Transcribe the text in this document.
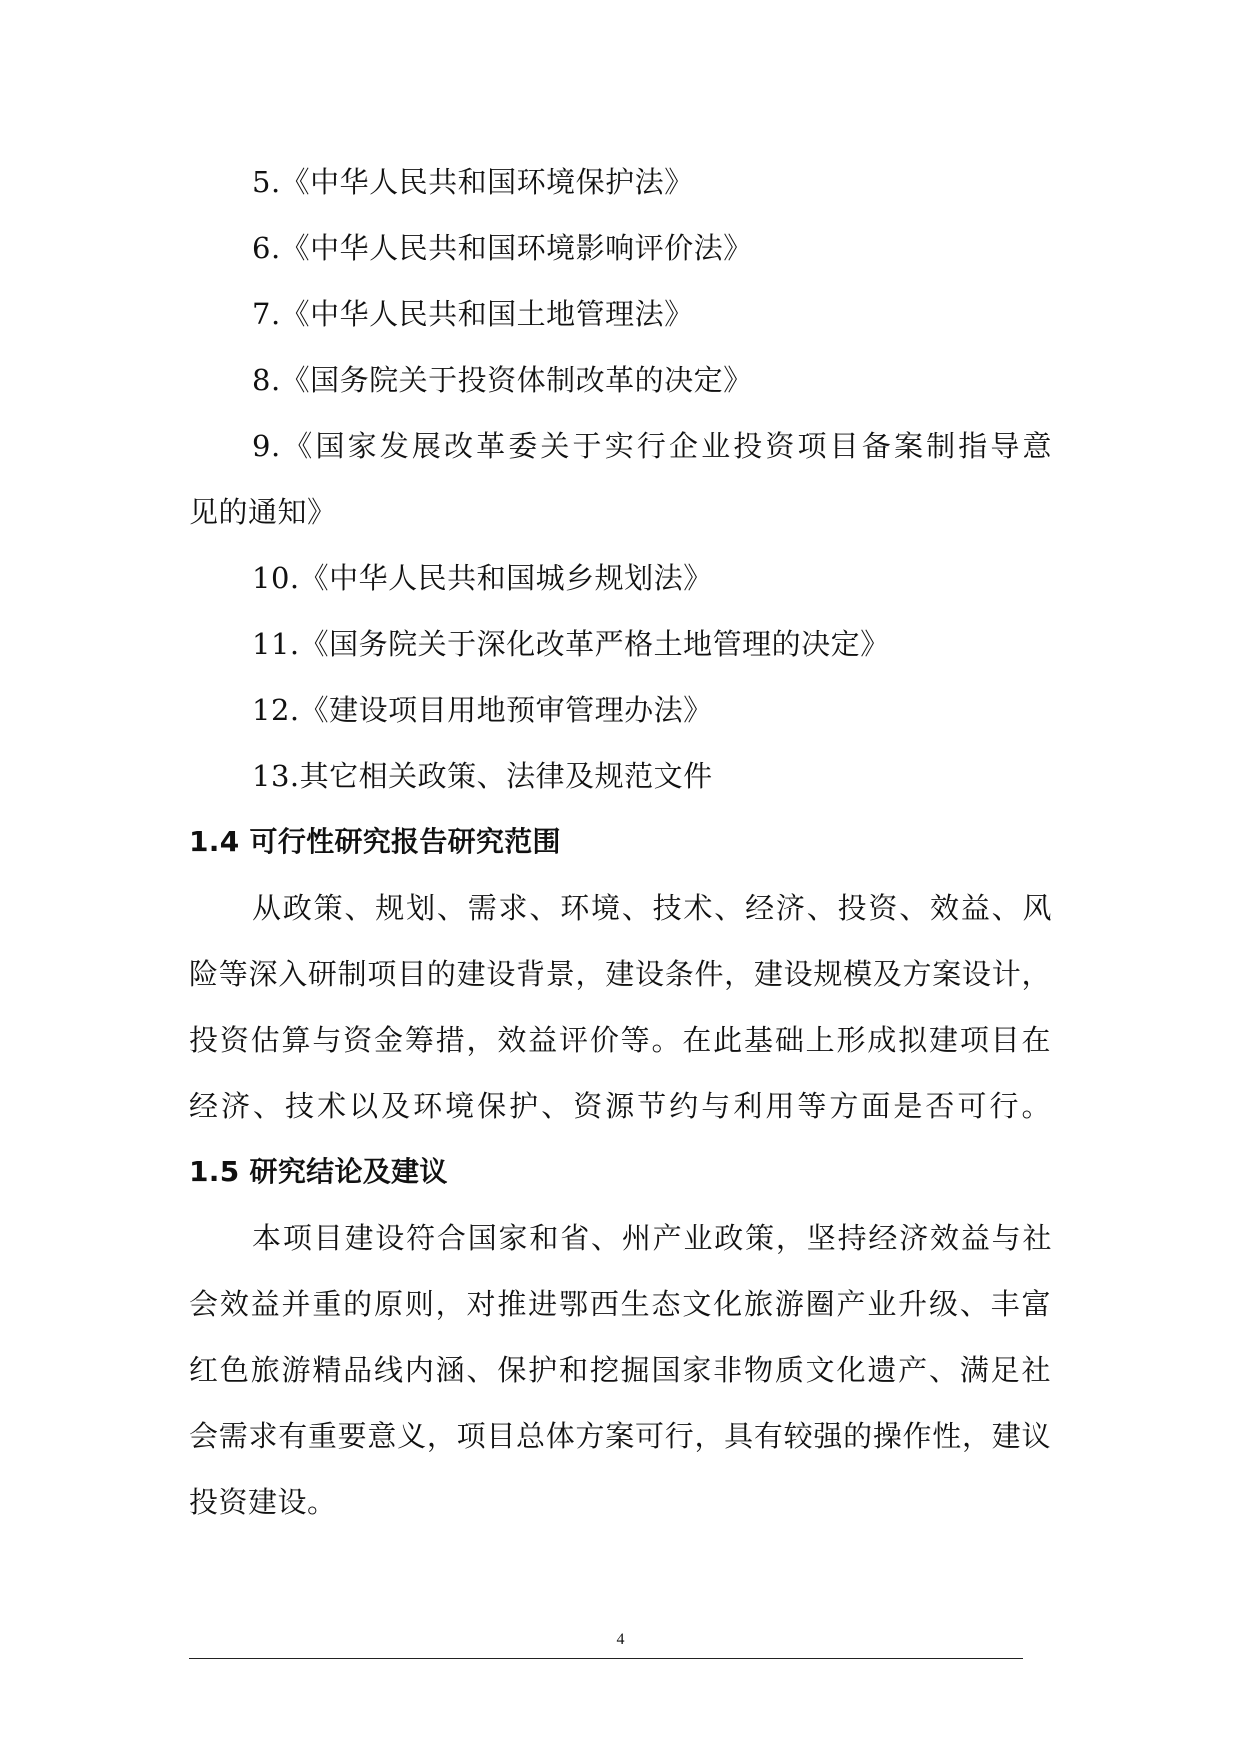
5.《中华人民共和国环境保护法》
6.《中华人民共和国环境影响评价法》
7.《中华人民共和国土地管理法》
8.《国务院关于投资体制改革的决定》
9.《国家发展改革委关于实行企业投资项目备案制指导意
见的通知》
10.《中华人民共和国城乡规划法》
11.《国务院关于深化改革严格土地管理的决定》
12.《建设项目用地预审管理办法》
13.其它相关政策、法律及规范文件
1.4 可行性研究报告研究范围
从政策、规划、需求、环境、技术、经济、投资、效益、风
险等深入研制项目的建设背景，建设条件，建设规模及方案设计，
投资估算与资金筹措，效益评价等。在此基础上形成拟建项目在
经济、技术以及环境保护、资源节约与利用等方面是否可行。
1.5 研究结论及建议
本项目建设符合国家和省、州产业政策，坚持经济效益与社
会效益并重的原则，对推进鄂西生态文化旅游圈产业升级、丰富
红色旅游精品线内涵、保护和挖掘国家非物质文化遗产、满足社
会需求有重要意义，项目总体方案可行，具有较强的操作性，建议
投资建设。
4
